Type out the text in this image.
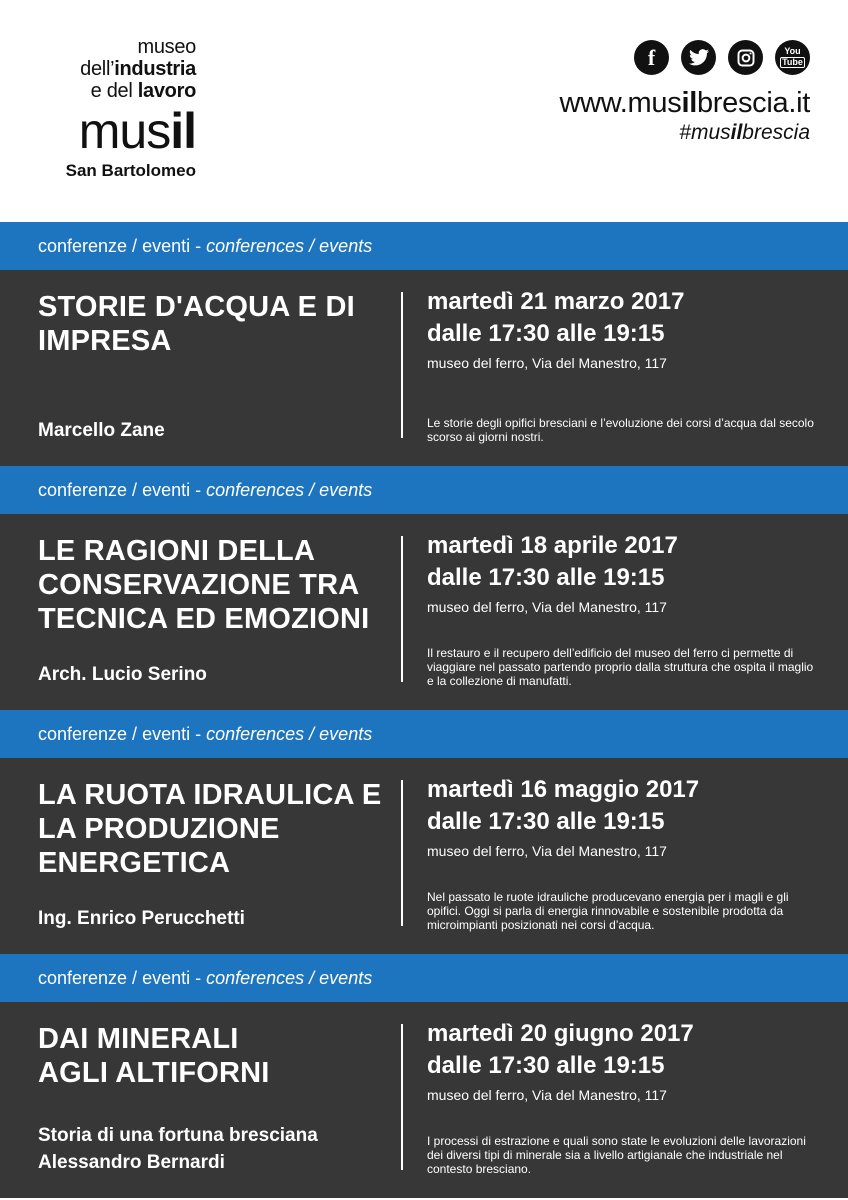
museo
dell’industria
e del lavoro
musil
San Bartolomeo
f	You
Tube
www.musilbrescia.it
#musilbrescia
conferenze / eventi - conferences / events
STORIE D'ACQUA E DI IMPRESA
Marcello Zane
martedì 21 marzo 2017
dalle 17:30 alle 19:15
museo del ferro, Via del Manestro, 117
Le storie degli opifici bresciani e l’evoluzione dei corsi d’acqua dal secolo scorso ai giorni nostri.
conferenze / eventi - conferences / events
LE RAGIONI DELLA CONSERVAZIONE TRA TECNICA ED EMOZIONI
Arch. Lucio Serino
martedì 18 aprile 2017
dalle 17:30 alle 19:15
museo del ferro, Via del Manestro, 117
Il restauro e il recupero dell’edificio del museo del ferro ci permette di viaggiare nel passato partendo proprio dalla struttura che ospita il maglio e la collezione di manufatti.
conferenze / eventi - conferences / events
LA RUOTA IDRAULICA E LA PRODUZIONE ENERGETICA
Ing. Enrico Perucchetti
martedì 16 maggio 2017
dalle 17:30 alle 19:15
museo del ferro, Via del Manestro, 117
Nel passato le ruote idrauliche producevano energia per i magli e gli opifici. Oggi si parla di energia rinnovabile e sostenibile prodotta da microimpianti posizionati nei corsi d’acqua.
conferenze / eventi - conferences / events
DAI MINERALI AGLI ALTIFORNI
Storia di una fortuna bresciana
Alessandro Bernardi
martedì 20 giugno 2017
dalle 17:30 alle 19:15
museo del ferro, Via del Manestro, 117
I processi di estrazione e quali sono state le evoluzioni delle lavorazioni dei diversi tipi di minerale sia a livello artigianale che industriale nel contesto bresciano.
